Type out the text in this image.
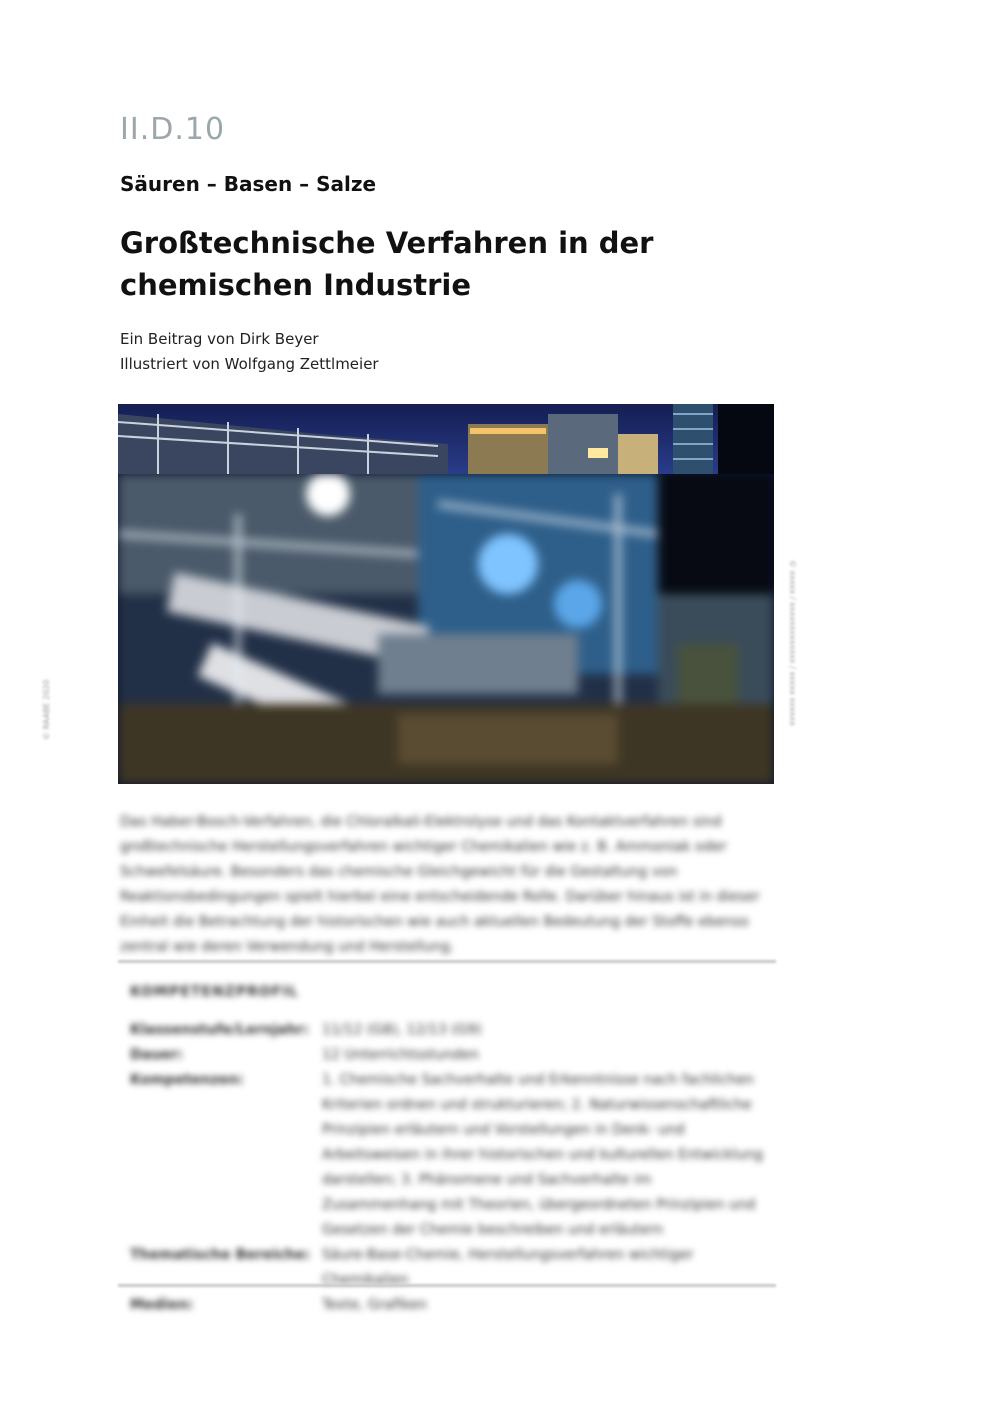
II.D.10
Säuren – Basen – Salze
Großtechnische Verfahren in der chemischen Industrie
Ein Beitrag von Dirk Beyer
Illustriert von Wolfgang Zettlmeier
© xxxxx / xxxxxxxxxxxxx / xxxxx xxxxxx
© RAABE 2020
Das Haber-Bosch-Verfahren, die Chloralkali-Elektrolyse und das Kontaktverfahren sind großtechnische Herstellungsverfahren wichtiger Chemikalien wie z. B. Ammoniak oder Schwefelsäure. Besonders das chemische Gleichgewicht für die Gestaltung von Reaktionsbedingungen spielt hierbei eine entscheidende Rolle. Darüber hinaus ist in dieser Einheit die Betrachtung der historischen wie auch aktuellen Bedeutung der Stoffe ebenso zentral wie deren Verwendung und Herstellung.
KOMPETENZPROFIL
Klassenstufe/Lernjahr:	11/12 (G8), 12/13 (G9)
Dauer:	12 Unterrichtsstunden
Kompetenzen:	1. Chemische Sachverhalte und Erkenntnisse nach fachlichen Kriterien ordnen und strukturieren; 2. Naturwissenschaftliche Prinzipien erläutern und Vorstellungen in Denk- und Arbeitsweisen in ihrer historischen und kulturellen Entwicklung darstellen; 3. Phänomene und Sachverhalte im Zusammenhang mit Theorien, übergeordneten Prinzipien und Gesetzen der Chemie beschreiben und erläutern
Thematische Bereiche:	Säure-Base-Chemie, Herstellungsverfahren wichtiger Chemikalien
Medien:	Texte, Grafiken
